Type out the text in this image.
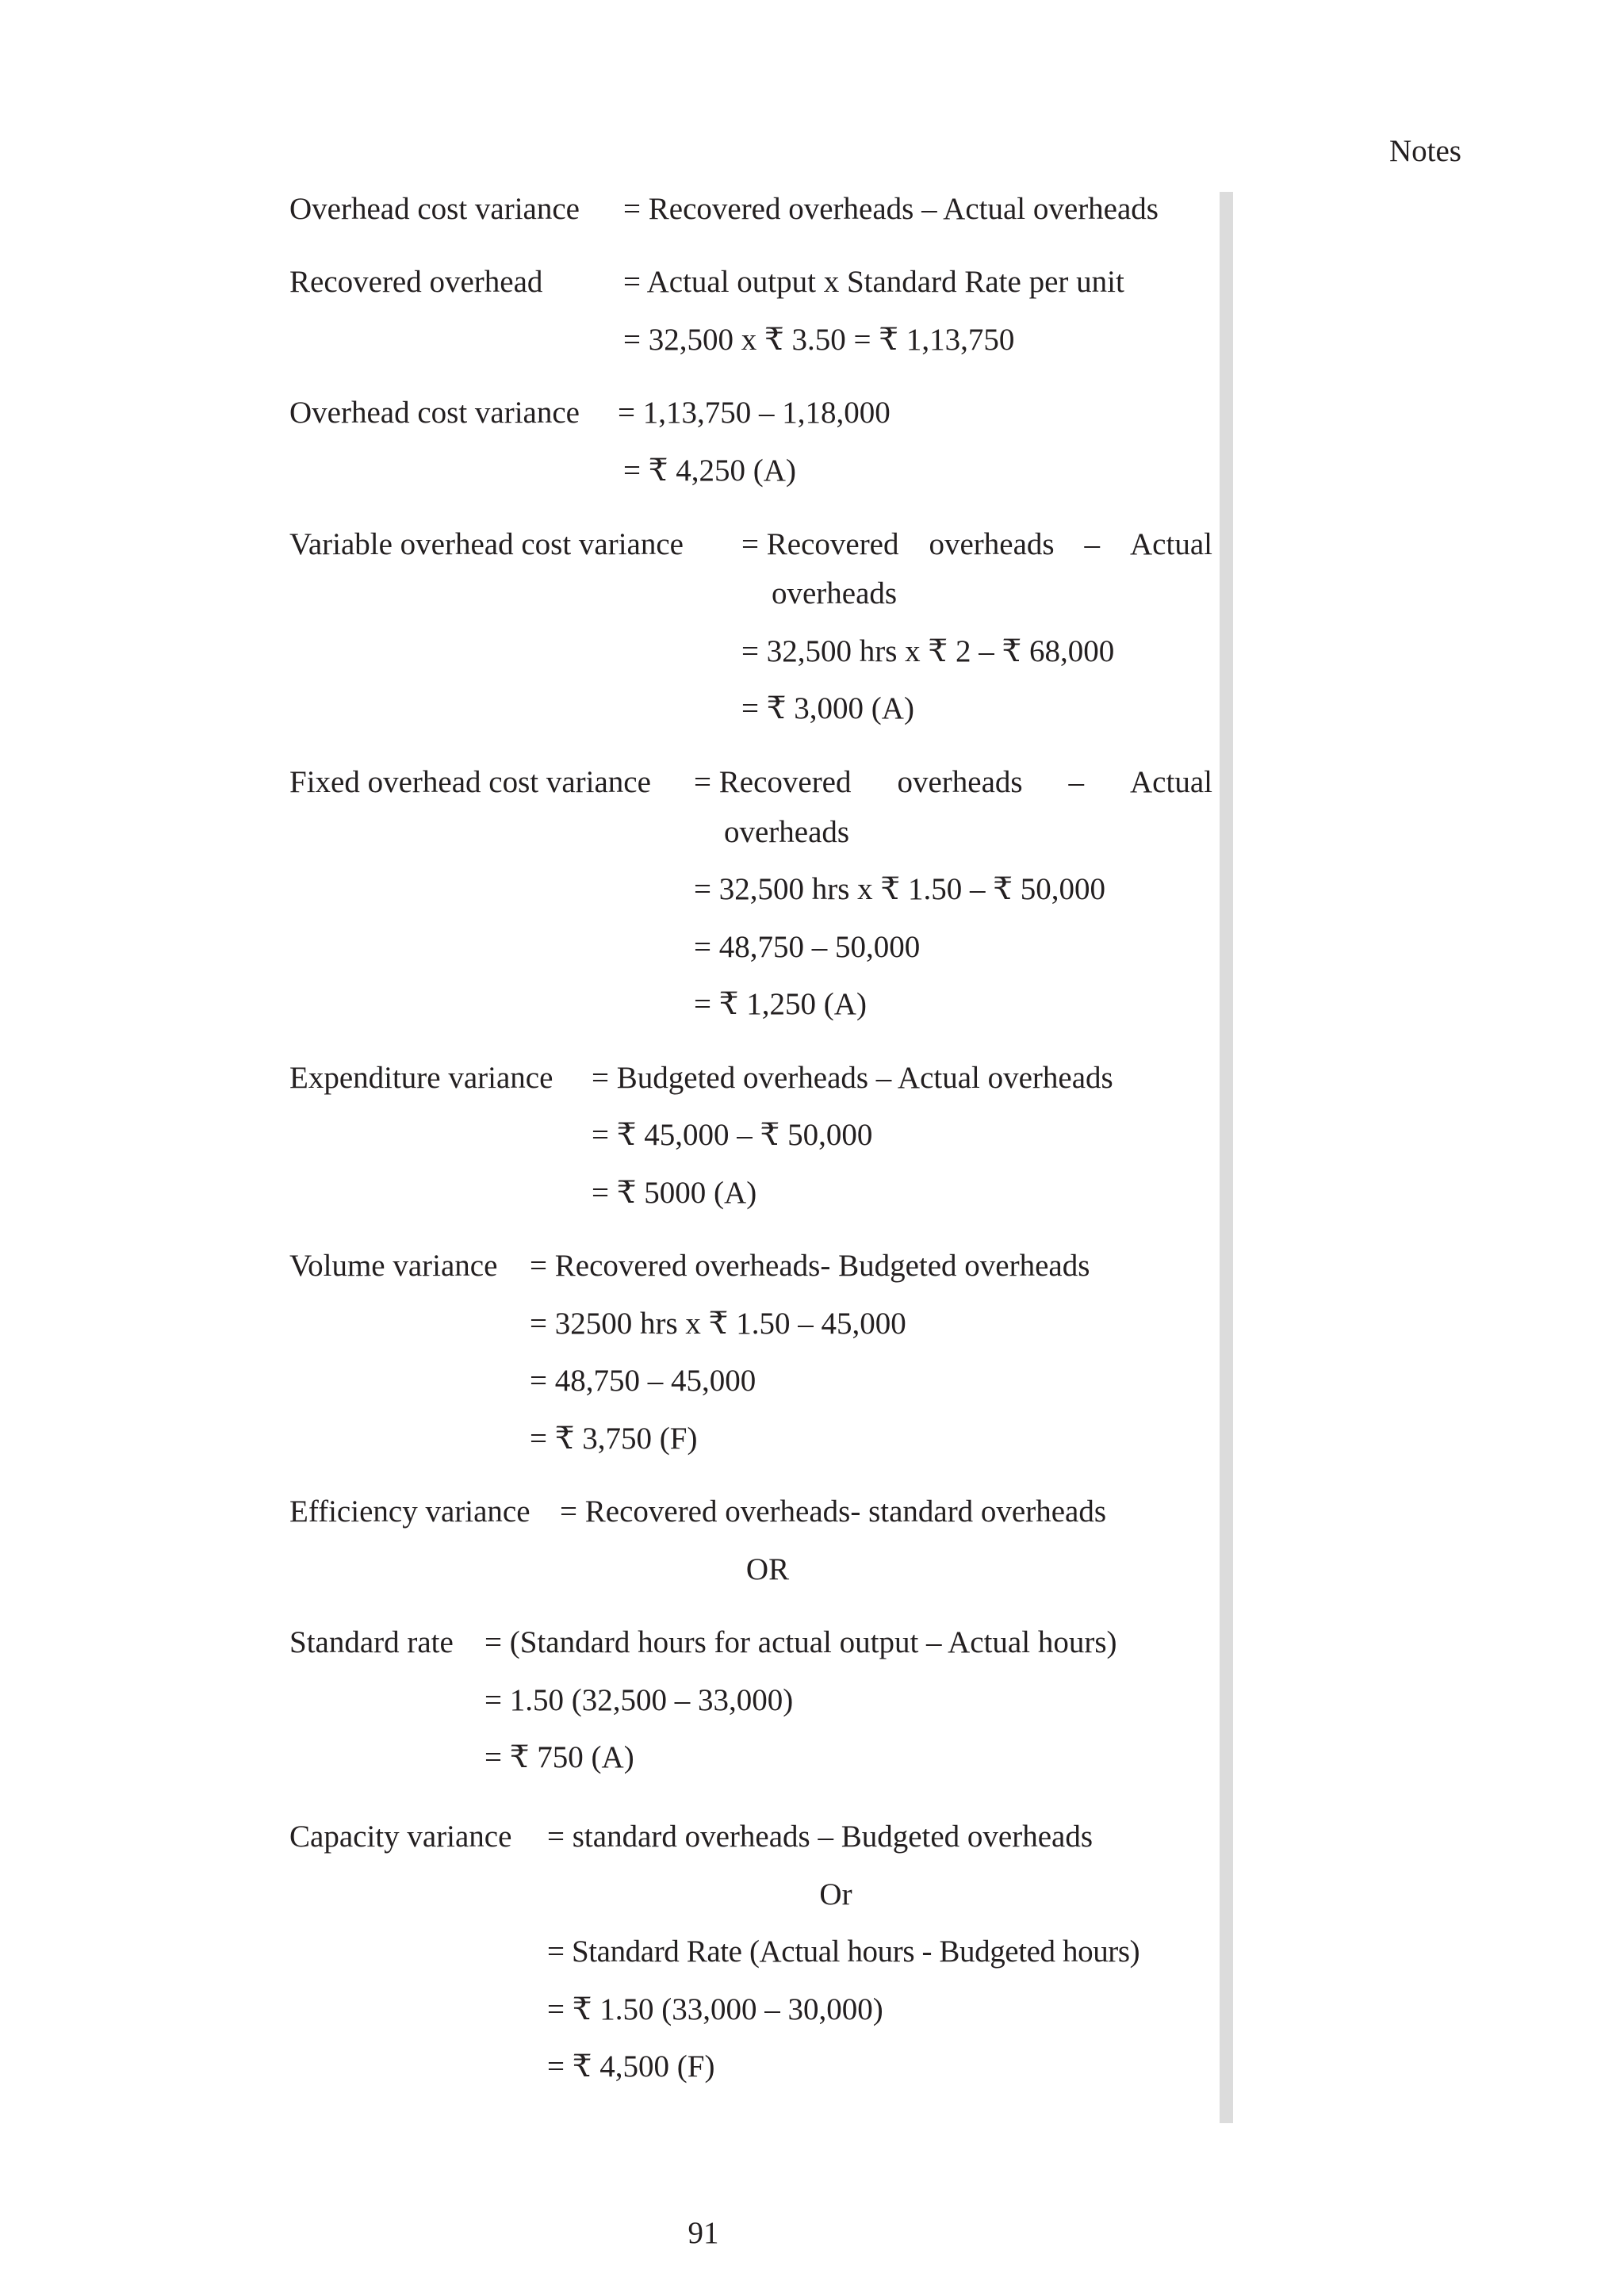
Notes
Overhead cost variance = Recovered overheads – Actual overheads
Recovered overhead	= Actual output x Standard Rate per unit
= 32,500 x ₹ 3.50 = ₹ 1,13,750
Overhead cost variance = 1,13,750 – 1,18,000
= ₹ 4,250 (A)
Variable overhead cost variance = Recovered overheads – Actual
overheads
= 32,500 hrs x ₹ 2 – ₹ 68,000
= ₹ 3,000 (A)
Fixed overhead cost variance = Recovered overheads – Actual
overheads
= 32,500 hrs x ₹ 1.50 – ₹ 50,000
= 48,750 – 50,000
= ₹ 1,250 (A)
Expenditure variance = Budgeted overheads – Actual overheads
= ₹ 45,000 – ₹ 50,000
= ₹ 5000 (A)
Volume variance = Recovered overheads- Budgeted overheads
= 32500 hrs x ₹ 1.50 – 45,000
= 48,750 – 45,000
= ₹ 3,750 (F)
Efficiency variance = Recovered overheads- standard overheads
OR
Standard rate = (Standard hours for actual output – Actual hours)
= 1.50 (32,500 – 33,000)
= ₹ 750 (A)
Capacity variance = standard overheads – Budgeted overheads
Or
= Standard Rate (Actual hours - Budgeted hours)
= ₹ 1.50 (33,000 – 30,000)
= ₹ 4,500 (F)
91
